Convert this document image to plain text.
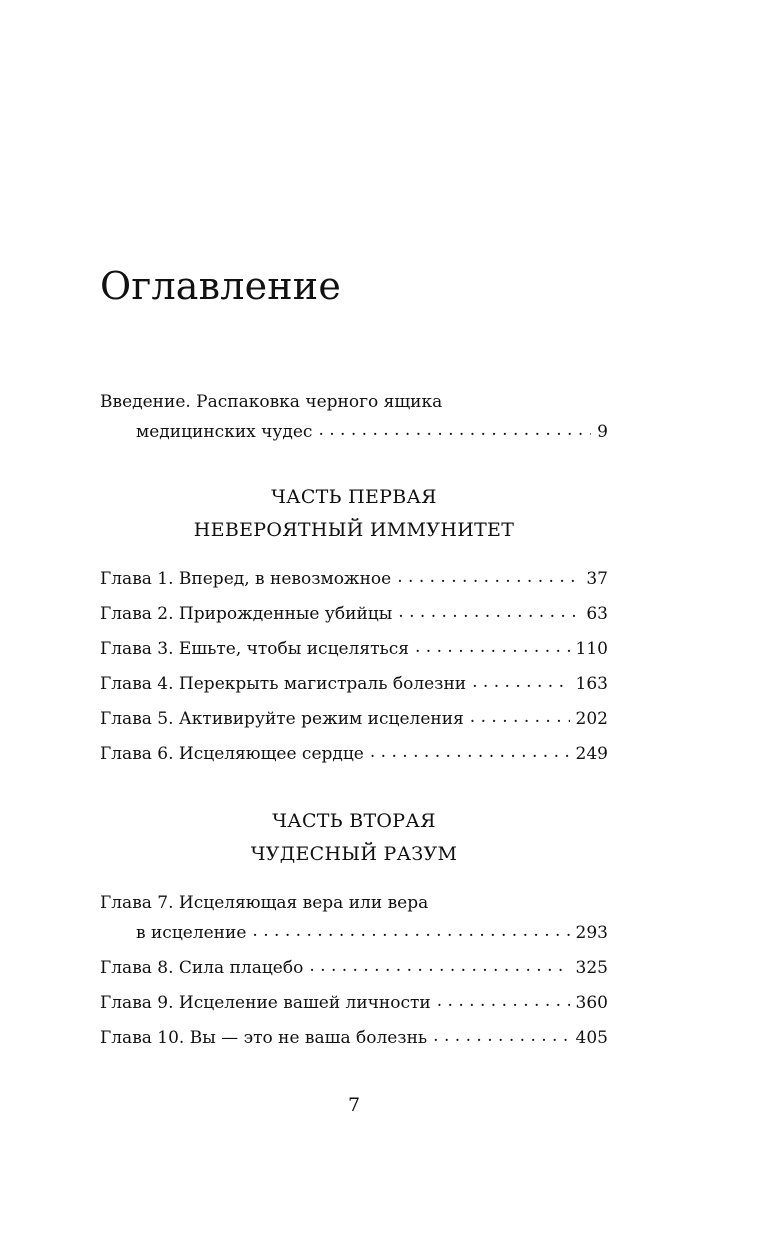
Оглавление
Введение. Распаковка черного ящика
медицинских чудес . . .	9
ЧАСТЬ ПЕРВАЯ
НЕВЕРОЯТНЫЙ ИММУНИТЕТ
Глава 1. Вперед, в невозможное . . .	37
Глава 2. Прирожденные убийцы . . .	63
Глава 3. Ешьте, чтобы исцеляться . . .	110
Глава 4. Перекрыть магистраль болезни . . .	163
Глава 5. Активируйте режим исцеления . . .	202
Глава 6. Исцеляющее сердце . . .	249
ЧАСТЬ ВТОРАЯ
ЧУДЕСНЫЙ РАЗУМ
Глава 7. Исцеляющая вера или вера
в исцеление . . .	293
Глава 8. Сила плацебо . . .	325
Глава 9. Исцеление вашей личности . . .	360
Глава 10. Вы — это не ваша болезнь . . .	405
7
